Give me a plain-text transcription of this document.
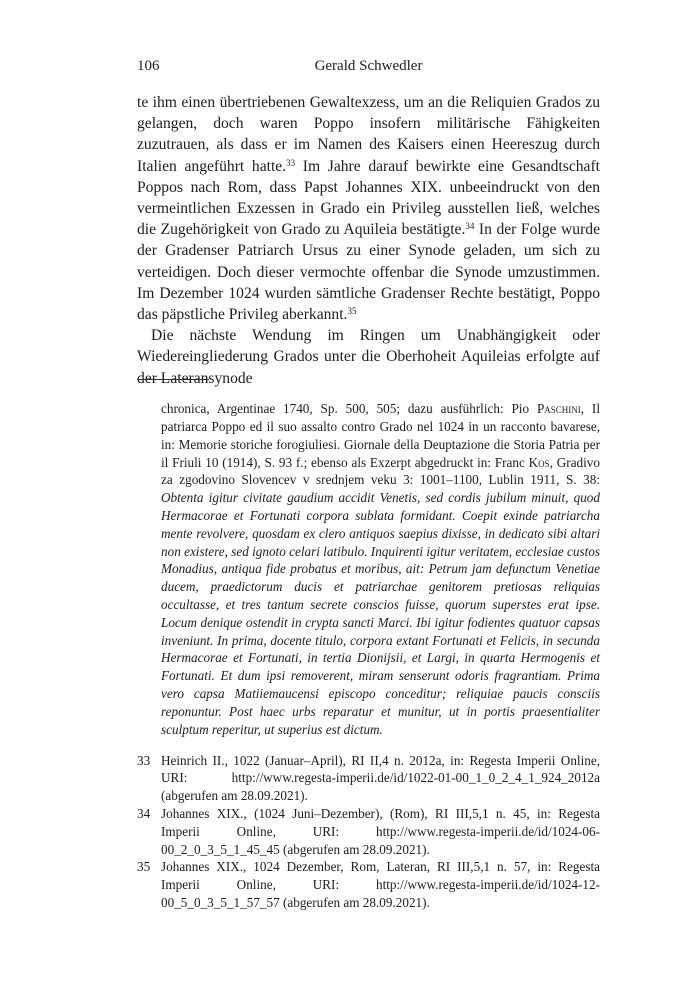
106	Gerald Schwedler

te ihm einen übertriebenen Gewaltexzess, um an die Reliquien Grados zu gelangen, doch waren Poppo insofern militärische Fähigkeiten zuzutrauen, als dass er im Namen des Kaisers einen Heereszug durch Italien angeführt hatte.$^{33}$ Im Jahre darauf bewirkte eine Gesandtschaft Poppos nach Rom, dass Papst Johannes XIX. unbeeindruckt von den vermeintlichen Exzessen in Grado ein Privileg ausstellen ließ, welches die Zugehörigkeit von Grado zu Aquileia bestätigte.$^{34}$ In der Folge wurde der Gradenser Patriarch Ursus zu einer Synode geladen, um sich zu verteidigen. Doch dieser vermochte offenbar die Synode umzustimmen. Im Dezember 1024 wurden sämtliche Gradenser Rechte bestätigt, Poppo das päpstliche Privileg aberkannt.$^{35}$

Die nächste Wendung im Ringen um Unabhängigkeit oder Wiedereingliederung Grados unter die Oberhoheit Aquileias erfolgte auf der Lateransynode

chronica, Argentinae 1740, Sp. 500, 505; dazu ausführlich: Pio Paschini, Il patriarca Poppo ed il suo assalto contro Grado nel 1024 in un racconto bavarese, in: Memorie storiche forogiuliesi. Giornale della Deuptazione die Storia Patria per il Friuli 10 (1914), S. 93 f.; ebenso als Exzerpt abgedruckt in: Franc Kos, Gradivo za zgodovino Slovencev v srednjem veku 3: 1001–1100, Lublin 1911, S. 38: Obtenta igitur civitate gaudium accidit Venetis, sed cordis jubilum minuit, quod Hermacorae et Fortunati corpora sublata formidant. Coepit exinde patriarcha mente revolvere, quosdam ex clero antiquos saepius dixisse, in dedicato sibi altari non existere, sed ignoto celari latibulo. Inquirenti igitur veritatem, ecclesiae custos Monadius, antiqua fide probatus et moribus, ait: Petrum jam defunctum Venetiae ducem, praedictorum ducis et patriarchae genitorem pretiosas reliquias occultasse, et tres tantum secrete conscios fuisse, quorum superstes erat ipse. Locum denique ostendit in crypta sancti Marci. Ibi igitur fodientes quatuor capsas inveniunt. In prima, docente titulo, corpora extant Fortunati et Felicis, in secunda Hermacorae et Fortunati, in tertia Dionijsii, et Largi, in quarta Hermogenis et Fortunati. Et dum ipsi removerent, miram senserunt odoris fragrantiam. Prima vero capsa Matiiemaucensi episcopo conceditur; reliquiae paucis consciis reponuntur. Post haec urbs reparatur et munitur, ut in portis praesentialiter sculptum reperitur, ut superius est dictum.

33 Heinrich II., 1022 (Januar–April), RI II,4 n. 2012a, in: Regesta Imperii Online, URI: http://www.regesta-imperii.de/id/1022-01-00_1_0_2_4_1_924_2012a (abgerufen am 28.09.2021).
34 Johannes XIX., (1024 Juni–Dezember), (Rom), RI III,5,1 n. 45, in: Regesta Imperii Online, URI: http://www.regesta-imperii.de/id/1024-06-00_2_0_3_5_1_45_45 (abgerufen am 28.09.2021).
35 Johannes XIX., 1024 Dezember, Rom, Lateran, RI III,5,1 n. 57, in: Regesta Imperii Online, URI: http://www.regesta-imperii.de/id/1024-12-00_5_0_3_5_1_57_57 (abgerufen am 28.09.2021).
